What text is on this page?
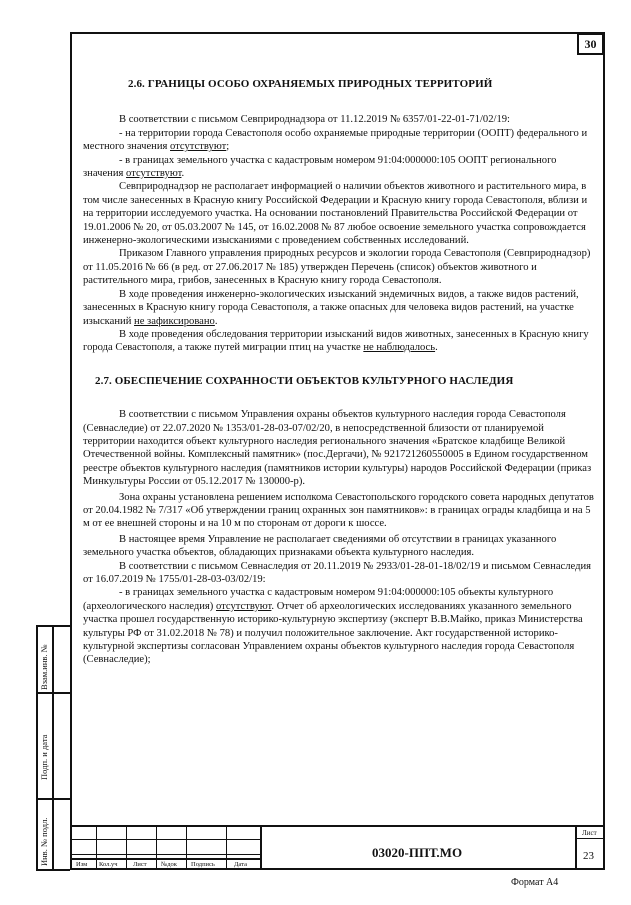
30
2.6. ГРАНИЦЫ ОСОБО ОХРАНЯЕМЫХ ПРИРОДНЫХ ТЕРРИТОРИЙ

В соответствии с письмом Севприроднадзора от 11.12.2019 № 6357/01-22-01-71/02/19:

- на территории города Севастополя особо охраняемые природные территории (ООПТ) федерального и местного значения отсутствуют;

- в границах земельного участка с кадастровым номером 91:04:000000:105 ООПТ регионального значения отсутствуют.

Севприроднадзор не располагает информацией о наличии объектов животного и растительного мира, в том числе занесенных в Красную книгу Российской Федерации и Красную книгу города Севастополя, вблизи и на территории исследуемого участка. На основании постановлений Правительства Российской Федерации от 19.01.2006 № 20, от 05.03.2007 № 145, от 16.02.2008 № 87 любое освоение земельного участка сопровождается инженерно-экологическими изысканиями с проведением собственных исследований.

Приказом Главного управления природных ресурсов и экологии города Севастополя (Севприроднадзор) от 11.05.2016 № 66 (в ред. от 27.06.2017 № 185) утвержден Перечень (список) объектов животного и растительного мира, грибов, занесенных в Красную книгу города Севастополя.

В ходе проведения инженерно-экологических изысканий эндемичных видов, а также видов растений, занесенных в Красную книгу города Севастополя, а также опасных для человека видов растений, на участке изысканий не зафиксировано.

В ходе проведения обследования территории изысканий видов животных, занесенных в Красную книгу города Севастополя, а также путей миграции птиц на участке не наблюдалось.

2.7. ОБЕСПЕЧЕНИЕ СОХРАННОСТИ ОБЪЕКТОВ КУЛЬТУРНОГО НАСЛЕДИЯ

В соответствии с письмом Управления охраны объектов культурного наследия города Севастополя (Севнаследие) от 22.07.2020 № 1353/01-28-03-07/02/20, в непосредственной близости от планируемой территории находится объект культурного наследия регионального значения «Братское кладбище Великой Отечественной войны. Комплексный памятник» (пос.Дергачи), № 921721260550005 в Едином государственном реестре объектов культурного наследия (памятников истории культуры) народов Российской Федерации (приказ Минкультуры России от 05.12.2017 № 130000-р).

Зона охраны установлена решением исполкома Севастопольского городского совета народных депутатов от 20.04.1982 № 7/317 «Об утверждении границ охранных зон памятников»: в границах ограды кладбища и на 5 м от ее внешней стороны и на 10 м по сторонам от дороги к шоссе.

В настоящее время Управление не располагает сведениями об отсутствии в границах указанного земельного участка объектов, обладающих признаками объекта культурного наследия.

В соответствии с письмом Севнаследия от 20.11.2019 № 2933/01-28-01-18/02/19 и письмом Севнаследия от 16.07.2019 № 1755/01-28-03-03/02/19:

- в границах земельного участка с кадастровым номером 91:04:000000:105 объекты культурного (археологического наследия) отсутствуют. Отчет об археологических исследованиях указанного земельного участка прошел государственную историко-культурную экспертизу (эксперт В.В.Майко, приказ Министерства культуры РФ от 31.02.2018 № 78) и получил положительное заключение. Акт государственной историко-культурной экспертизы согласован Управлением охраны объектов культурного наследия города Севастополя (Севнаследие);

Взам.инв. №
Подп. и дата
Инв. № подл.	Изм Кол.уч Лист №док Подпись	Дата
03020-ППТ.МО
Лист
23
Формат А4
